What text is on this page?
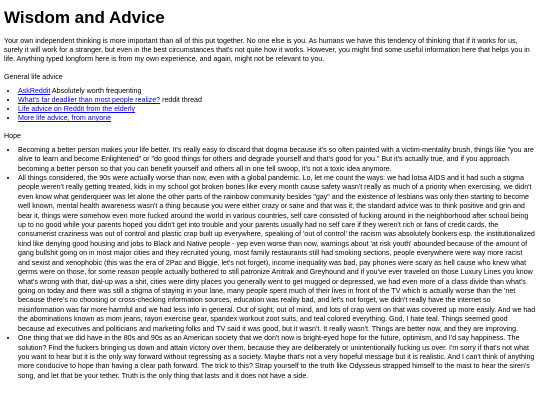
Wisdom and Advice

Your own independent thinking is more important than all of this put together. No one else is you. As humans we have this tendency of thinking that if it works for us, surely it will work for a stranger, but even in the best circumstances that's not quite how it works. However, you might find some useful information here that helps you in life. Anything typed longform here is from my own experience, and again, might not be relevant to you.

General life advice
• AskReddit Absolutely worth frequenting
• What's far deadlier than most people realize? reddit thread
• Life advice on Reddit from the elderly
• More life advice, from anyone
Hope
• Becoming a better person makes your life better. It's really easy to discard that dogma because it's so often painted with a victim-mentality brush, things like "you are alive to learn and become Enlightened" or "do good things for others and degrade yourself and that's good for you." But it's actually true, and if you approach becoming a better person so that you can benefit yourself and others all in one fell swoop, it's not a toxic idea anymore.
• All things considered, the 90s were actually worse than now, even with a global pandemic. Lo, let me count the ways: we had lotsa AIDS and it had such a stigma people weren't really getting treated, kids in my school got broken bones like every month cause safety wasn't really as much of a priority when exercising, we didn't even know what genderqueer was let alone the other parts of the rainbow community besides "gay" and the existence of lesbians was only then starting to become well known, mental health awareness wasn't a thing because you were either crazy or sane and that was it; the standard advice was to think positive and grin and bear it, things were somehow even more fucked around the world in various countries, self care consisted of fucking around in the neighborhood after school being up to no good while your parents hoped you didn't get into trouble and your parents usually had no self care if they weren't rich or fans of credit cards, the consumerist craziness was out of control and plastic crap built up everywhere, speaking of 'out of control' the racism was absolutely bonkers esp. the institutionalized kind like denying good housing and jobs to Black and Native people - yep even worse than now, warnings about 'at risk youth' abounded because of the amount of gang bullshit going on in most major cities and they recruited young, most family restaurants still had smoking sections, people everywhere were way more racist and sexist and xenophobic (this was the era of 2Pac and Biggie, let's not forget), income inequality was bad, pay phones were scary as hell cause who knew what germs were on those, for some reason people actually bothered to still patronize Amtrak and Greyhound and if you've ever traveled on those Luxury Lines you know what's wrong with that, dial-up was a shit, cities were dirty places you generally went to get mugged or depressed, we had even more of a class divide than what's going on today and there was still a stigma of staying in your lane, many people spent much of their lives in front of the TV which is actually worse than the 'net because there's no choosing or cross-checking information sources, education was reality bad, and let's not forget, we didn't really have the internet so misinformation was far more harmful and we had less info in general. Out of sight, out of mind, and lots of crap went on that was covered up more easily. And we had the abominations known as mom jeans, rayon exercise gear, spandex workout zoot suits, and teal colored everything. God, I hate teal. Things seemed good because ad executives and politicians and marketing folks and TV said it was good, but it wasn't. It really wasn't. Things are better now, and they are improving.
• One thing that we did have in the 80s and 90s as an American society that we don't now is bright-eyed hope for the future, optimism, and I'd say happiness. The solution? Find the fuckers bringing us down and attain victory over them, because they are deliberately or unintentionally fucking us over. I'm sorry if that's not what you want to hear but it is the only way forward without regressing as a society. Maybe that's not a very hopeful message but it is realistic. And I can't think of anything more conducive to hope than having a clear path forward. The trick to this? Strap yourself to the truth like Odysseus strapped himself to the mast to hear the siren's song, and let that be your tether. Truth is the only thing that lasts and it does not have a side.
